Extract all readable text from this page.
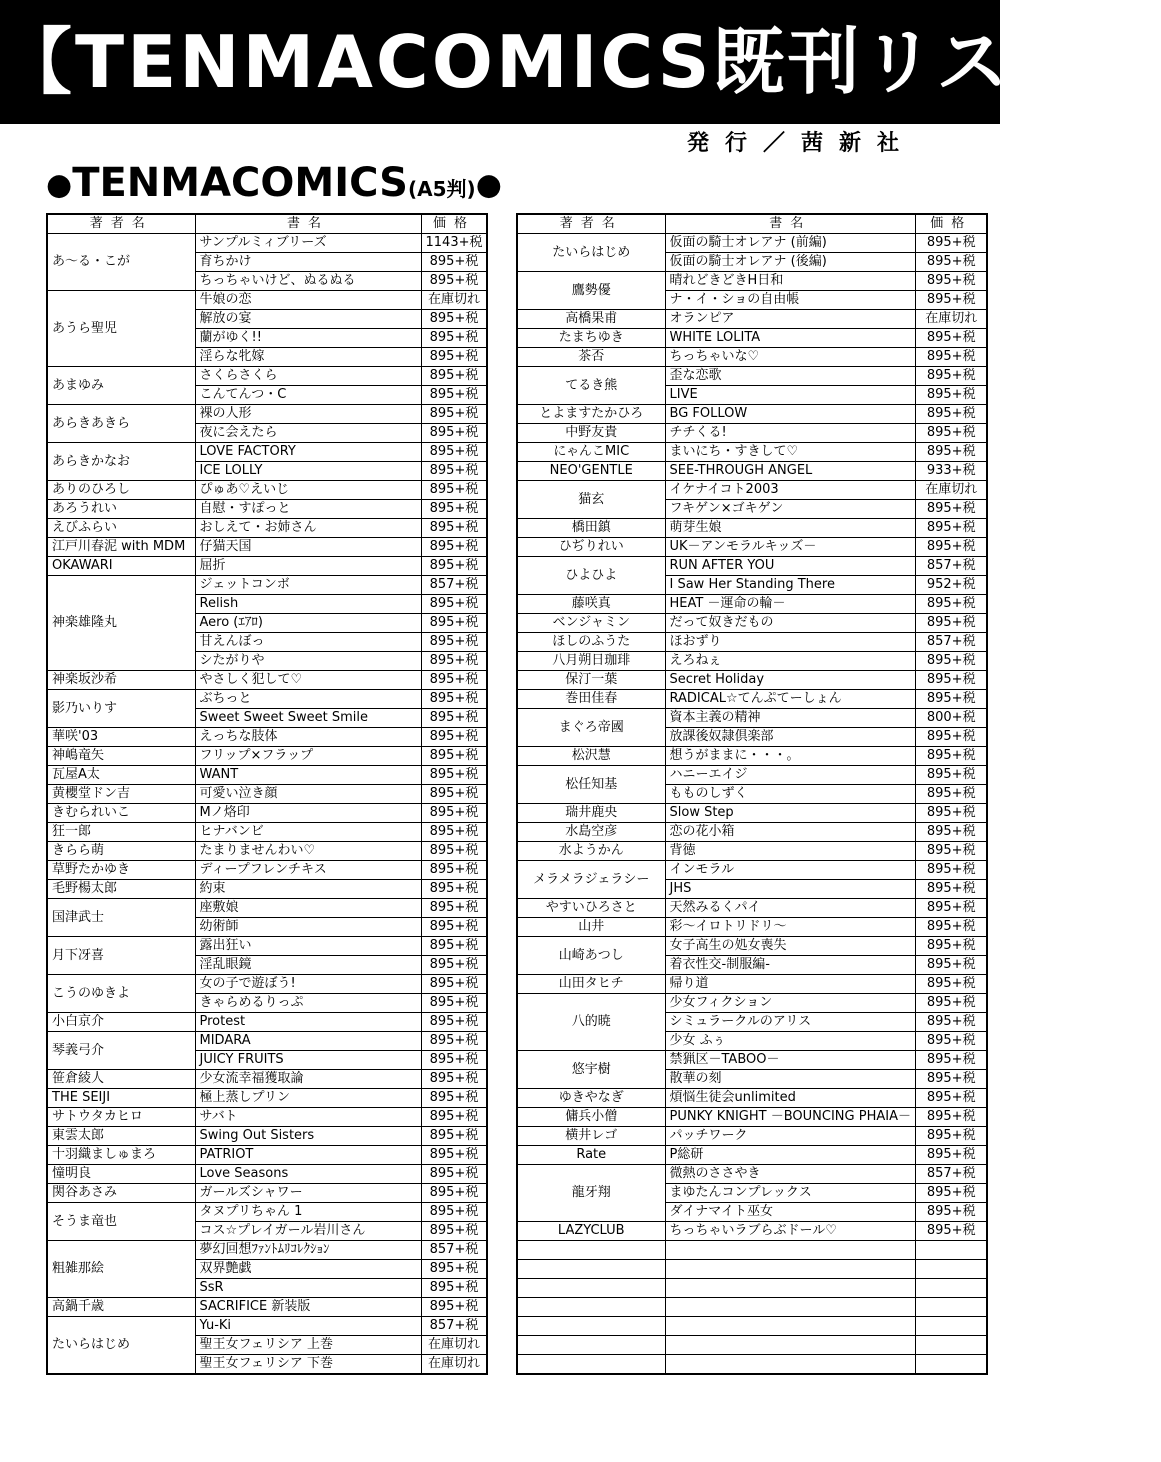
【TENMACOMICS既刊リスト】
発行／茜新社
●TENMACOMICS(A5判)●
著者名	書名	価格
あ～る・こが	サンプルミィブリーズ	1143+税
	育ちかけ	895+税
	ちっちゃいけど、ぬるぬる	895+税
あうら聖児	牛娘の恋	在庫切れ
	解放の宴	895+税
	蘭がゆく!!	895+税
	淫らな牝嫁	895+税
あまゆみ	さくらさくら	895+税
	こんてんつ・C	895+税
あらきあきら	裸の人形	895+税
	夜に会えたら	895+税
あらきかなお	LOVE FACTORY	895+税
	ICE LOLLY	895+税
ありのひろし	ぴゅあ♡えいじ	895+税
あろうれい	自慰・すぽっと	895+税
えびふらい	おしえて・お姉さん	895+税
江戸川春泥 with MDM	仔猫天国	895+税
OKAWARI	屈折	895+税
神楽雄隆丸	ジェットコンボ	857+税
	Relish	895+税
	Aero (ｴｱﾛ)	895+税
	甘えんぼっ	895+税
	シたがりや	895+税
神楽坂沙希	やさしく犯して♡	895+税
影乃いりす	ぶちっと	895+税
	Sweet Sweet Sweet Smile	895+税
華咲'03	えっちな肢体	895+税
神嶋竜矢	フリップ×フラップ	895+税
瓦屋A太	WANT	895+税
黄櫻堂ドン吉	可愛い泣き顔	895+税
きむられいこ	Mノ烙印	895+税
狂一郎	ヒナバンビ	895+税
きらら萌	たまりませんわい♡	895+税
草野たかゆき	ディープフレンチキス	895+税
毛野楊太郎	約束	895+税
国津武士	座敷娘	895+税
	幼術師	895+税
月下冴喜	露出狂い	895+税
	淫乱眼鏡	895+税
こうのゆきよ	女の子で遊ぼう!	895+税
	きゃらめるりっぷ	895+税
小白京介	Protest	895+税
琴義弓介	MIDARA	895+税
	JUICY FRUITS	895+税
笹倉綾人	少女流幸福獲取論	895+税
THE SEIJI	極上蒸しプリン	895+税
サトウタカヒロ	サバト	895+税
東雲太郎	Swing Out Sisters	895+税
十羽織ましゅまろ	PATRIOT	895+税
憧明良	Love Seasons	895+税
関谷あさみ	ガールズシャワー	895+税
そうま竜也	タヌプリちゃん 1	895+税
	コス☆プレイガール岩川さん	895+税
粗雑那絵	夢幻回想ﾌｧﾝﾄﾑﾘｺﾚｸｼｮﾝ	857+税
	双界艶戯	895+税
	SsR	895+税
高鍋千歳	SACRIFICE 新装版	895+税
たいらはじめ	Yu-Ki	857+税
	聖王女フェリシア 上巻	在庫切れ
	聖王女フェリシア 下巻	在庫切れ
著者名	書名	価格
たいらはじめ	仮面の騎士オレアナ (前編)	895+税
	仮面の騎士オレアナ (後編)	895+税
鷹勢優	晴れどきどきH日和	895+税
	ナ・イ・ショの自由帳	895+税
高橋果甫	オランピア	在庫切れ
たまちゆき	WHITE LOLITA	895+税
茶否	ちっちゃいな♡	895+税
てるき熊	歪な恋歌	895+税
	LIVE	895+税
とよますたかひろ	BG FOLLOW	895+税
中野友貴	チチくる!	895+税
にゃんこMIC	まいにち・すきして♡	895+税
NEO'GENTLE	SEE-THROUGH ANGEL	933+税
猫玄	イケナイコト2003	在庫切れ
	フキゲン×ゴキゲン	895+税
橋田鎮	萌芽生娘	895+税
ひぢりれい	UK－アンモラルキッズ－	895+税
ひよひよ	RUN AFTER YOU	857+税
	I Saw Her Standing There	952+税
藤咲真	HEAT －運命の輪－	895+税
ベンジャミン	だって奴きだもの	895+税
ほしのふうた	ほおずり	857+税
八月朔日珈琲	えろねぇ	895+税
保汀一葉	Secret Holiday	895+税
巻田佳春	RADICAL☆てんぷてーしょん	895+税
まぐろ帝國	資本主義の精神	800+税
	放課後奴隷倶楽部	895+税
松沢慧	想うがままに・・・。	895+税
松任知基	ハニーエイジ	895+税
	もものしずく	895+税
瑞井鹿央	Slow Step	895+税
水島空彦	恋の花小箱	895+税
水ようかん	背徳	895+税
メラメラジェラシー	インモラル	895+税
	JHS	895+税
やすいひろさと	天然みるくパイ	895+税
山井	彩～イロトリドリ～	895+税
山崎あつし	女子高生の処女喪失	895+税
	着衣性交-制服編-	895+税
山田タヒチ	帰り道	895+税
八的暁	少女フィクション	895+税
	シミュラークルのアリス	895+税
	少女 ふぅ	895+税
悠宇樹	禁猟区－TABOO－	895+税
	散華の刻	895+税
ゆきやなぎ	煩悩生徒会unlimited	895+税
傭兵小僧	PUNKY KNIGHT －BOUNCING PHAIA－	895+税
横井レゴ	パッチワーク	895+税
Rate	P総研	895+税
龍牙翔	微熱のささやき	857+税
	まゆたんコンプレックス	895+税
	ダイナマイト巫女	895+税
LAZYCLUB	ちっちゃいラブらぶドール♡	895+税
